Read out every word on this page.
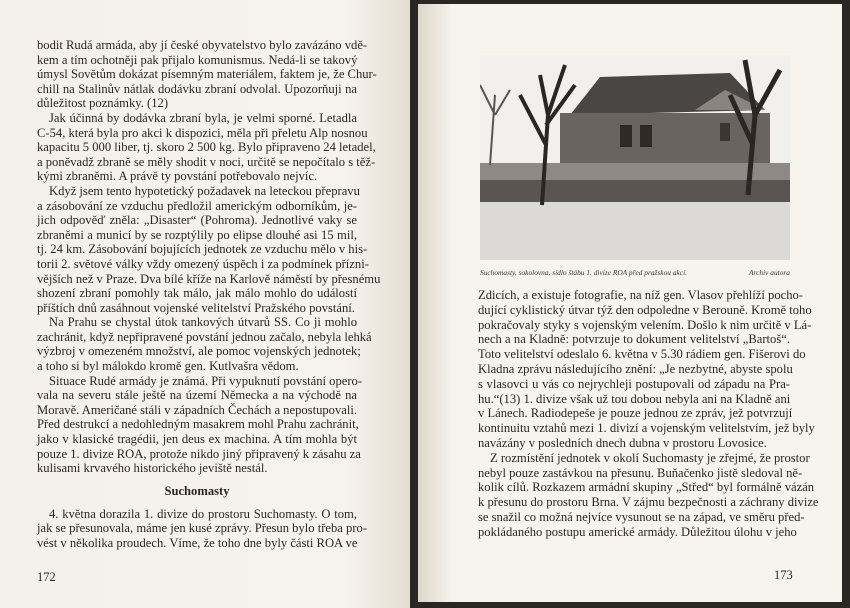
bodit Rudá armáda, aby jí české obyvatelstvo bylo zavázáno vdě-
kem a tím ochotněji pak přijalo komunismus. Nedá-li se takový
úmysl Sovětům dokázat písemným materiálem, faktem je, že Chur-
chill na Stalinův nátlak dodávku zbraní odvolal. Upozorňuji na
důležitost poznámky. (12)
Jak účinná by dodávka zbraní byla, je velmi sporné. Letadla
C-54, která byla pro akci k dispozici, měla při přeletu Alp nosnou
kapacitu 5 000 liber, tj. skoro 2 500 kg. Bylo připraveno 24 letadel,
a poněvadž zbraně se měly shodit v noci, určitě se nepočítalo s těž-
kými zbraněmi. A právě ty povstání potřebovalo nejvíc.
Když jsem tento hypotetický požadavek na leteckou přepravu
a zásobování ze vzduchu předložil americkým odborníkům, je-
jich odpověď zněla: „Disaster“ (Pohroma). Jednotlivé vaky se
zbraněmi a municí by se rozptýlily po elipse dlouhé asi 15 mil,
tj. 24 km. Zásobování bojujících jednotek ze vzduchu mělo v his-
torii 2. světové války vždy omezený úspěch i za podmínek přízni-
vějších než v Praze. Dva bílé kříže na Karlově náměstí by přesnému
shození zbraní pomohly tak málo, jak málo mohlo do událostí
příštích dnů zasáhnout vojenské velitelství Pražského povstání.
Na Prahu se chystal útok tankových útvarů SS. Co ji mohlo
zachránit, když nepřipravené povstání jednou začalo, nebyla lehká
výzbroj v omezeném množství, ale pomoc vojenských jednotek;
a toho si byl málokdo kromě gen. Kutlvašra vědom.
Situace Rudé armády je známá. Při vypuknutí povstání opero-
vala na severu stále ještě na území Německa a na východě na
Moravě. Američané stáli v západních Čechách a nepostupovali.
Před destrukcí a nedohledným masakrem mohl Prahu zachránit,
jako v klasické tragédii, jen deus ex machina. A tím mohla být
pouze 1. divize ROA, protože nikdo jiný připravený k zásahu za
kulisami krvavého historického jeviště nestál.
Suchomasty
4. května dorazila 1. divize do prostoru Suchomasty. O tom,
jak se přesunovala, máme jen kusé zprávy. Přesun bylo třeba pro-
vést v několika proudech. Víme, že toho dne byly části ROA ve
172
Suchomasty, sokolovna, sídlo štábu 1. divize ROA před pražskou akcí.	Archiv autora
Zdicích, a existuje fotografie, na níž gen. Vlasov přehlíží pocho-
dující cyklistický útvar týž den odpoledne v Berouně. Kromě toho
pokračovaly styky s vojenským velením. Došlo k nim určitě v Lá-
nech a na Kladně: potvrzuje to dokument velitelství „Bartoš“.
Toto velitelství odeslalo 6. května v 5.30 rádiem gen. Fišerovi do
Kladna zprávu následujícího znění: „Je nezbytné, abyste spolu
s vlasovci u vás co nejrychleji postupovali od západu na Pra-
hu.“(13) 1. divize však už tou dobou nebyla ani na Kladně ani
v Lánech. Radiodepeše je pouze jednou ze zpráv, jež potvrzují
kontinuitu vztahů mezi 1. divizí a vojenským velitelstvím, jež byly
navázány v posledních dnech dubna v prostoru Lovosice.
Z rozmístění jednotek v okolí Suchomasty je zřejmé, že prostor
nebyl pouze zastávkou na přesunu. Buňačenko jistě sledoval ně-
kolik cílů. Rozkazem armádní skupiny „Střed“ byl formálně vázán
k přesunu do prostoru Brna. V zájmu bezpečnosti a záchrany divize
se snažil co možná nejvíce vysunout se na západ, ve směru před-
pokládaného postupu americké armády. Důležitou úlohu v jeho
173
